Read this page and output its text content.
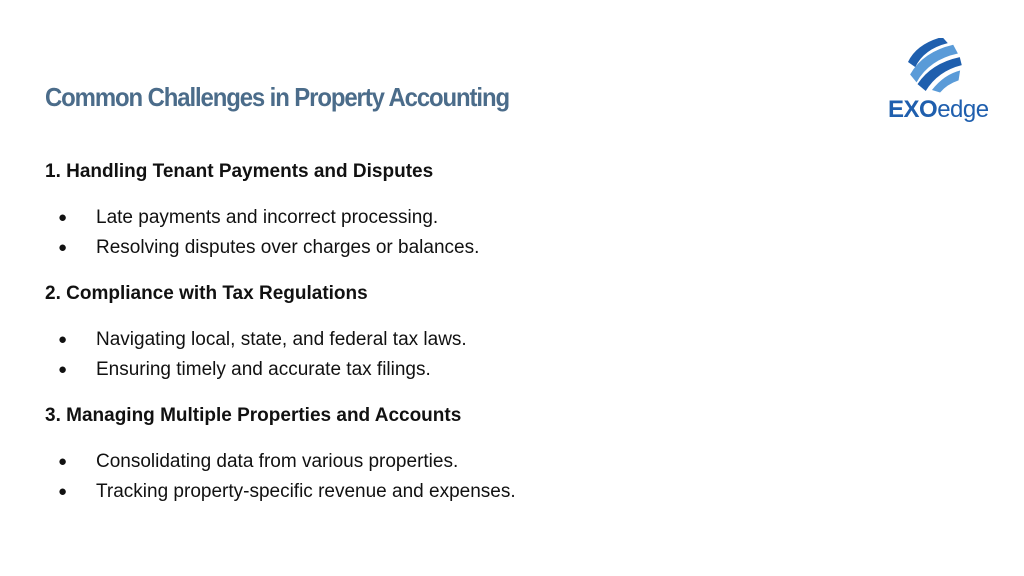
Common Challenges in Property Accounting	EXOedge
1. Handling Tenant Payments and Disputes
● Late payments and incorrect processing.
● Resolving disputes over charges or balances.
2. Compliance with Tax Regulations
● Navigating local, state, and federal tax laws.
● Ensuring timely and accurate tax filings.
3. Managing Multiple Properties and Accounts
● Consolidating data from various properties.
● Tracking property-specific revenue and expenses.
